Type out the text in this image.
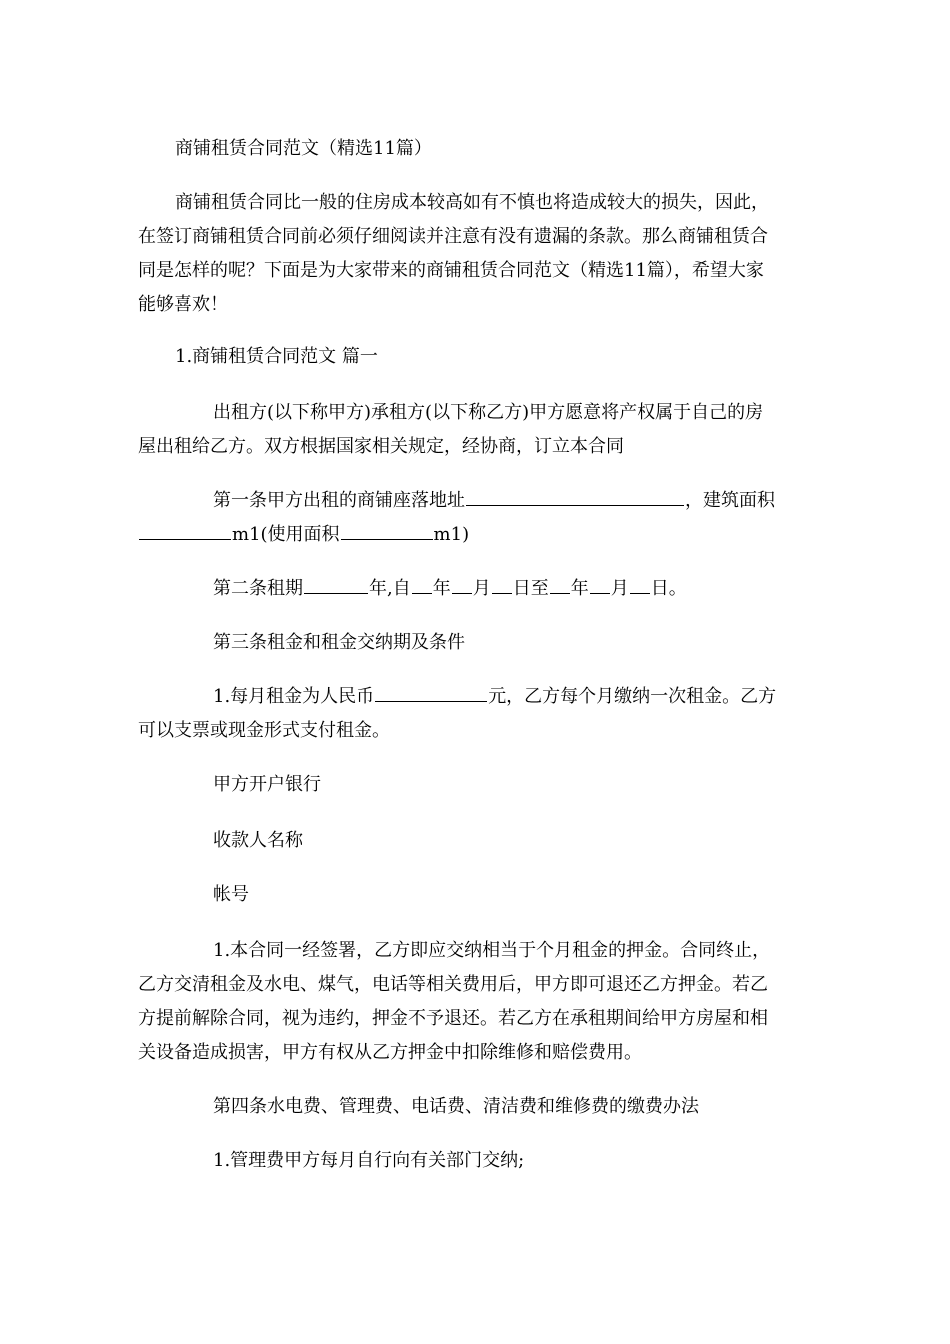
商铺租赁合同范文（精选11篇）

商铺租赁合同比一般的住房成本较高如有不慎也将造成较大的损失，因此，
在签订商铺租赁合同前必须仔细阅读并注意有没有遗漏的条款。那么商铺租赁合
同是怎样的呢？下面是为大家带来的商铺租赁合同范文（精选11篇），希望大家
能够喜欢！

1.商铺租赁合同范文 篇一

出租方(以下称甲方)承租方(以下称乙方)甲方愿意将产权属于自己的房
屋出租给乙方。双方根据国家相关规定，经协商，订立本合同
第一条甲方出租的商铺座落地址	，建筑面积
m1(使用面积	m1)

第二条租期	年,自 年 月 日至 年 月 日。

第三条租金和租金交纳期及条件

1.每月租金为人民币	元，乙方每个月缴纳一次租金。乙方
可以支票或现金形式支付租金。

甲方开户银行

收款人名称

帐号

1.本合同一经签署，乙方即应交纳相当于个月租金的押金。合同终止，
乙方交清租金及水电、煤气，电话等相关费用后，甲方即可退还乙方押金。若乙
方提前解除合同，视为违约，押金不予退还。若乙方在承租期间给甲方房屋和相
关设备造成损害，甲方有权从乙方押金中扣除维修和赔偿费用。

第四条水电费、管理费、电话费、清洁费和维修费的缴费办法

1.管理费甲方每月自行向有关部门交纳;
